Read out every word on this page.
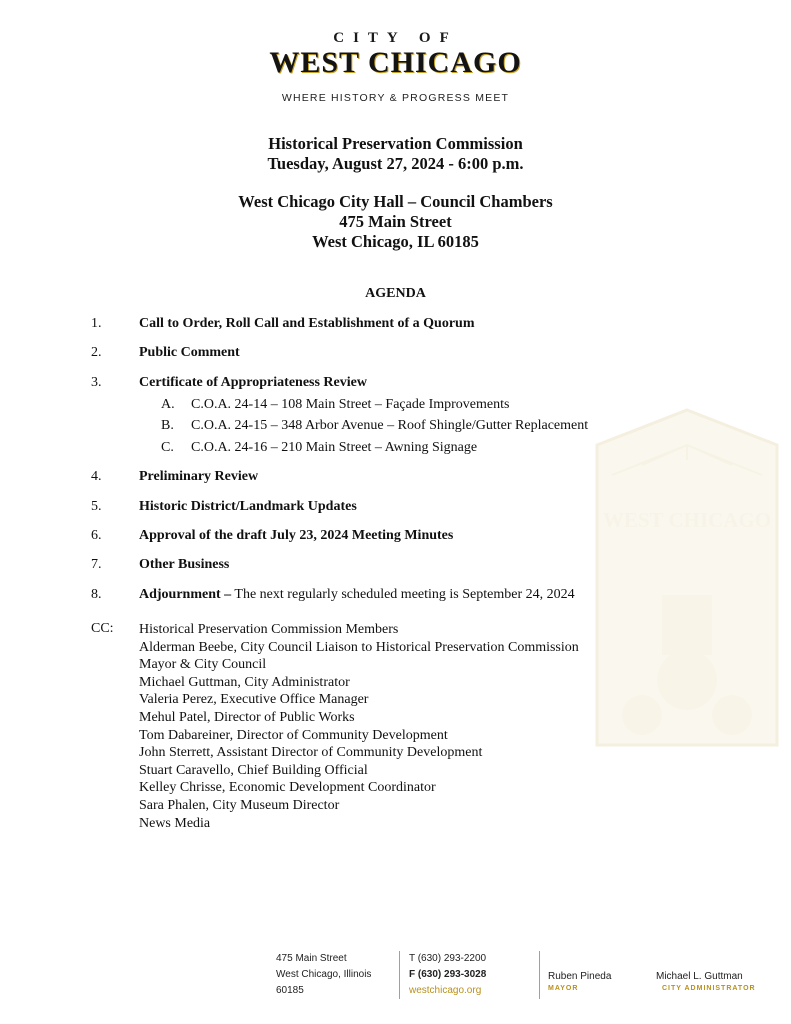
CITY OF
WEST CHICAGO
WHERE HISTORY & PROGRESS MEET
Historical Preservation Commission
Tuesday, August 27, 2024 - 6:00 p.m.
West Chicago City Hall – Council Chambers
475 Main Street
West Chicago, IL 60185
AGENDA
WEST CHICAGO
1.	Call to Order, Roll Call and Establishment of a Quorum
2.	Public Comment
3.	Certificate of Appropriateness Review
A. C.O.A. 24-14 – 108 Main Street – Façade Improvements
B. C.O.A. 24-15 – 348 Arbor Avenue – Roof Shingle/Gutter Replacement
C. C.O.A. 24-16 – 210 Main Street – Awning Signage
4.	Preliminary Review
5.	Historic District/Landmark Updates
6.	Approval of the draft July 23, 2024 Meeting Minutes
7.	Other Business
8.	Adjournment – The next regularly scheduled meeting is September 24, 2024
CC: Historical Preservation Commission Members
Alderman Beebe, City Council Liaison to Historical Preservation Commission
Mayor & City Council
Michael Guttman, City Administrator
Valeria Perez, Executive Office Manager
Mehul Patel, Director of Public Works
Tom Dabareiner, Director of Community Development
John Sterrett, Assistant Director of Community Development
Stuart Caravello, Chief Building Official
Kelley Chrisse, Economic Development Coordinator
Sara Phalen, City Museum Director
News Media
475 Main Street
West Chicago, Illinois
60185
T (630) 293-2200
F (630) 293-3028
westchicago.org
Ruben Pineda
MAYOR
Michael L. Guttman
CITY ADMINISTRATOR
